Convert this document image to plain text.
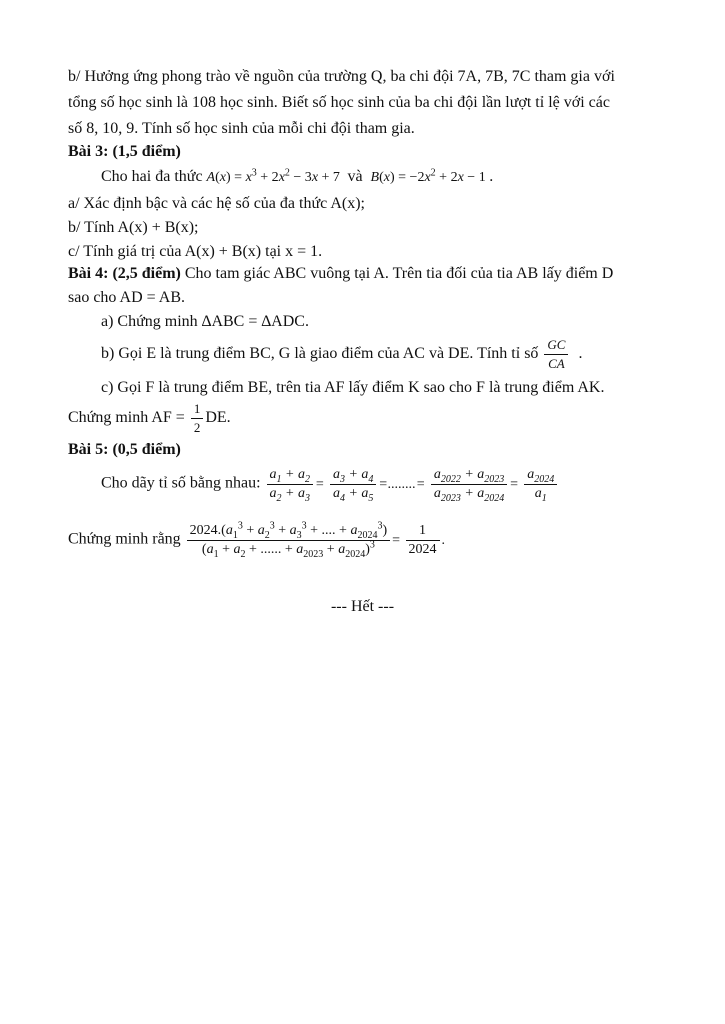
b/ Hưởng ứng phong trào về nguồn của trường Q, ba chi đội 7A, 7B, 7C tham gia với
tổng số học sinh là 108 học sinh. Biết số học sinh của ba chi đội lần lượt tỉ lệ với các
số 8, 10, 9. Tính số học sinh của mỗi chi đội tham gia.
Bài 3: (1,5 điểm)
Cho hai đa thức $A(x) = x^3 + 2x^2 - 3x + 7$  và $B(x) = -2x^2 + 2x - 1$ .
a/ Xác định bậc và các hệ số của đa thức A(x);
b/ Tính A(x) + B(x);
c/ Tính giá trị của A(x) + B(x) tại x = 1.
Bài 4: (2,5 điểm) Cho tam giác ABC vuông tại A. Trên tia đối của tia AB lấy điểm D
sao cho AD = AB.
a) Chứng minh ∆ABC = ∆ADC.
b) Gọi E là trung điểm BC, G là giao điểm của AC và DE. Tính tỉ số $\frac{GC}{CA}$ .
c) Gọi F là trung điểm BE, trên tia AF lấy điểm K sao cho F là trung điểm AK.
Chứng minh AF = $\frac{1}{2}$ DE.
Bài 5: (0,5 điểm)
Cho dãy tỉ số bằng nhau: $\frac{a_1 + a_2}{a_2 + a_3} = \frac{a_3 + a_4}{a_4 + a_5}$ =........= $\frac{a_{2022} + a_{2023}}{a_{2023} + a_{2024}} = \frac{a_{2024}}{a_1}$
Chứng minh rằng $\frac{2024.(a_1^3 + a_2^3 + a_3^3 + .... + a_{2024}^3)}{(a_1 + a_2 + ...... + a_{2023} + a_{2024})^3} = \frac{1}{2024}$ .
--- Hết ---
